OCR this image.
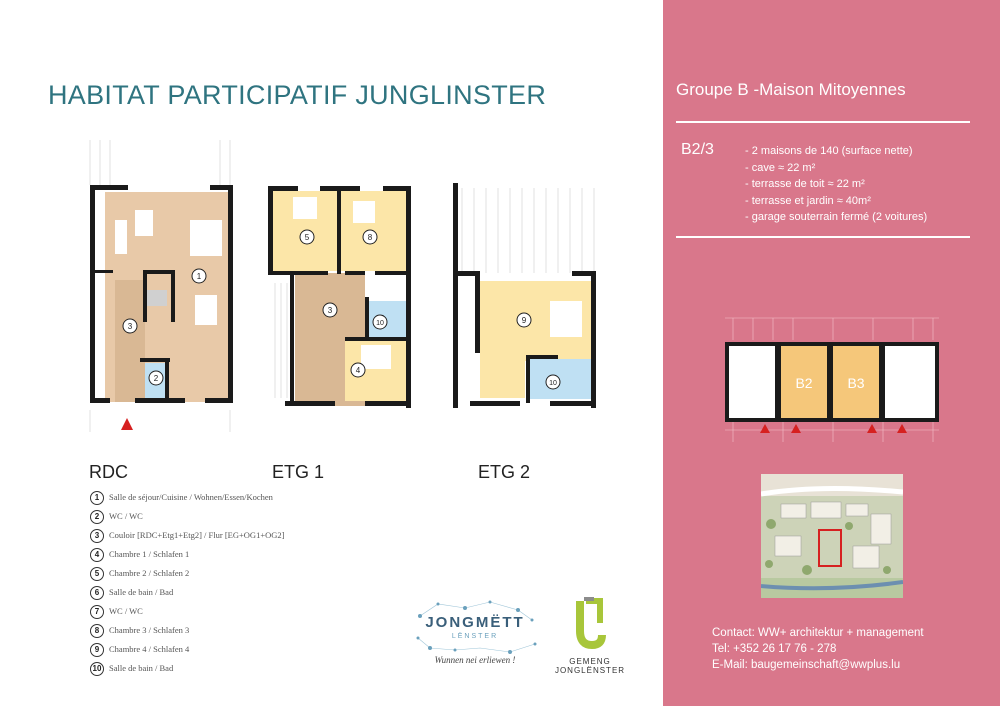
HABITAT PARTICIPATIF JUNGLINSTER
1
3
2
5	8
3
10
4
9
10
RDC	ETG 1	ETG 2
1	Salle de séjour/Cuisine / Wohnen/Essen/Kochen
2	WC / WC
3	Couloir [RDC+Etg1+Etg2] / Flur [EG+OG1+OG2]
4	Chambre 1 / Schlafen 1
5	Chambre 2 / Schlafen 2
6	Salle de bain / Bad
7	WC / WC
8	Chambre 3 / Schlafen 3
9	Chambre 4 / Schlafen 4
10 Salle de bain / Bad
JONGMËTT
LËNSTER
Wunnen nei erliewen !	GEMENG
JONGLËNSTER
Groupe B -Maison Mitoyennes
B2/3
-	2 maisons de 140 (surface nette)
- cave ≈ 22 m²
- terrasse de toit ≈ 22 m²
- terrasse et jardin ≈ 40m²
- garage souterrain fermé (2 voitures)
B2 B3
Contact: WW+ architektur + management
Tel: +352 26 17 76 - 278
E-Mail: baugemeinschaft@wwplus.lu
